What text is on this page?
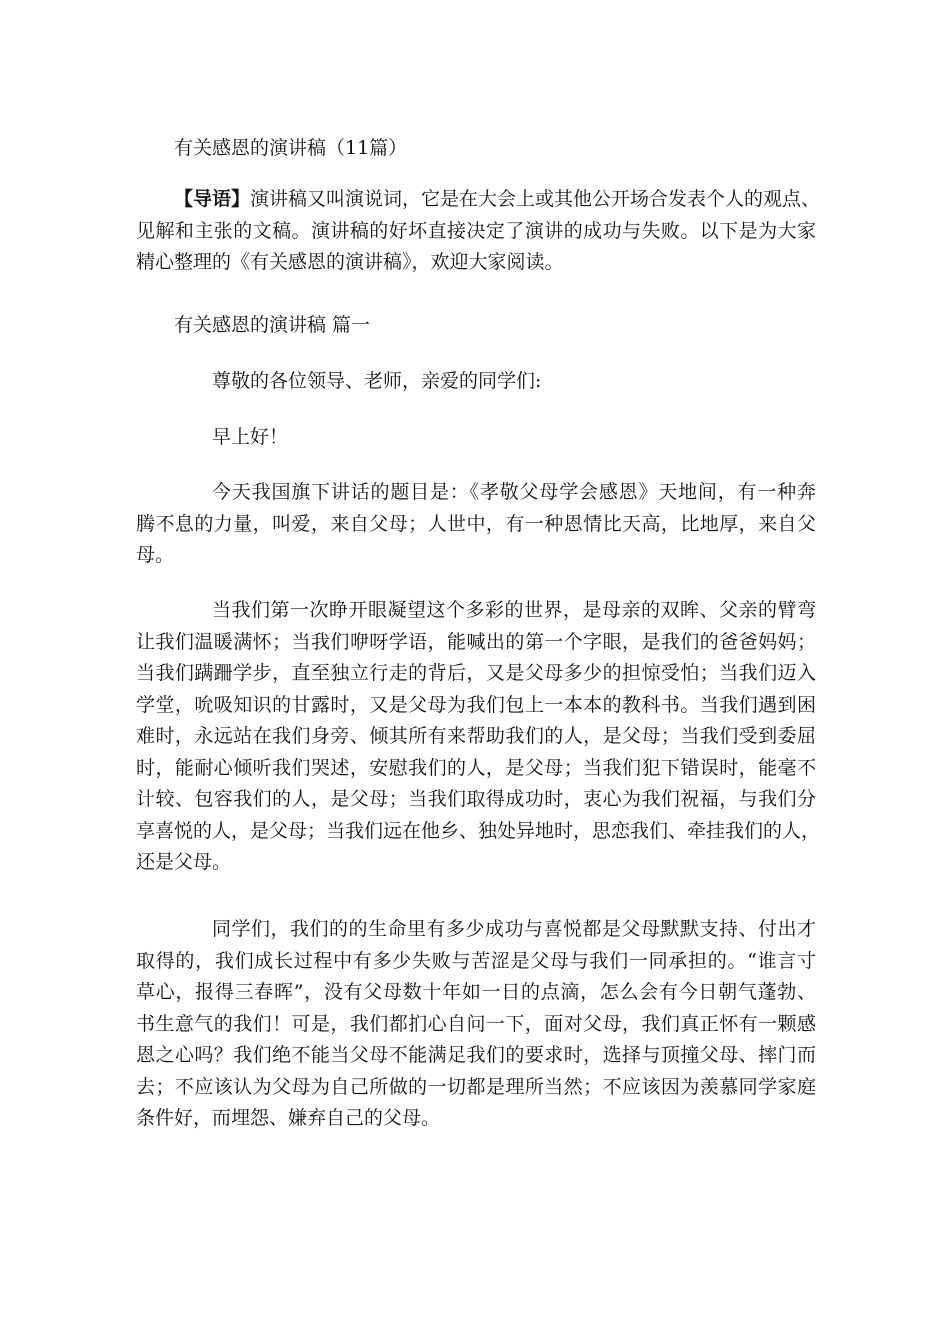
有关感恩的演讲稿（11篇）

【导语】演讲稿又叫演说词，它是在大会上或其他公开场合发表个人的观点、
见解和主张的文稿。演讲稿的好坏直接决定了演讲的成功与失败。以下是为大家
精心整理的《有关感恩的演讲稿》，欢迎大家阅读。

有关感恩的演讲稿 篇一

尊敬的各位领导、老师，亲爱的同学们:

早上好！

今天我国旗下讲话的题目是：《孝敬父母学会感恩》天地间，有一种奔
腾不息的力量，叫爱，来自父母；人世中，有一种恩情比天高，比地厚，来自父
母。
当我们第一次睁开眼凝望这个多彩的世界，是母亲的双眸、父亲的臂弯
让我们温暖满怀；当我们咿呀学语，能喊出的第一个字眼，是我们的爸爸妈妈；
当我们蹒跚学步，直至独立行走的背后，又是父母多少的担惊受怕；当我们迈入
学堂，吮吸知识的甘露时，又是父母为我们包上一本本的教科书。当我们遇到困
难时，永远站在我们身旁、倾其所有来帮助我们的人，是父母；当我们受到委屈
时，能耐心倾听我们哭述，安慰我们的人，是父母；当我们犯下错误时，能毫不
计较、包容我们的人，是父母；当我们取得成功时，衷心为我们祝福，与我们分
享喜悦的人，是父母；当我们远在他乡、独处异地时，思恋我们、牵挂我们的人，
还是父母。
同学们，我们的的生命里有多少成功与喜悦都是父母默默支持、付出才
取得的，我们成长过程中有多少失败与苦涩是父母与我们一同承担的。“谁言寸
草心，报得三春晖”，没有父母数十年如一日的点滴，怎么会有今日朝气蓬勃、
书生意气的我们！可是，我们都扪心自问一下，面对父母，我们真正怀有一颗感
恩之心吗？我们绝不能当父母不能满足我们的要求时，选择与顶撞父母、摔门而
去；不应该认为父母为自己所做的一切都是理所当然；不应该因为羡慕同学家庭
条件好，而埋怨、嫌弃自己的父母。
